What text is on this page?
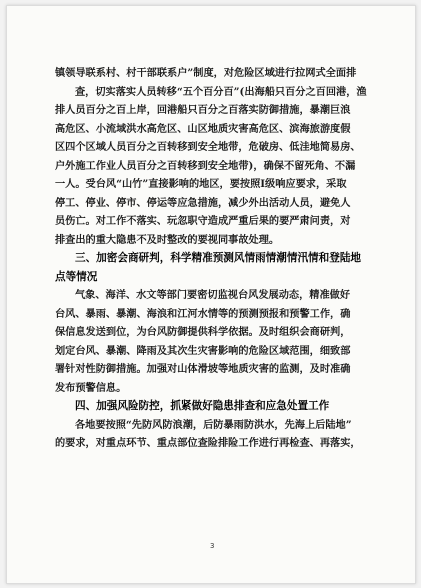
镇领导联系村、村干部联系户”制度，对危险区域进行拉网式全面排
查，切实落实人员转移“五个百分百”(出海船只百分之百回港，渔
排人员百分之百上岸，回港船只百分之百落实防御措施，暴潮巨浪
高危区、小流域洪水高危区、山区地质灾害高危区、滨海旅游度假
区四个区域人员百分之百转移到安全地带，危破房、低洼地简易房、
户外施工作业人员百分之百转移到安全地带)，确保不留死角、不漏
一人。受台风“山竹”直接影响的地区，要按照Ⅰ级响应要求，采取
停工、停业、停市、停运等应急措施，减少外出活动人员，避免人
员伤亡。对工作不落实、玩忽职守造成严重后果的要严肃问责，对
排查出的重大隐患不及时整改的要视同事故处理。
三、加密会商研判，科学精准预测风情雨情潮情汛情和登陆地
点等情况
气象、海洋、水文等部门要密切监视台风发展动态，精准做好
台风、暴雨、暴潮、海浪和江河水情等的预测预报和预警工作，确
保信息发送到位，为台风防御提供科学依据。及时组织会商研判，
划定台风、暴潮、降雨及其次生灾害影响的危险区域范围，细致部
署针对性防御措施。加强对山体滑坡等地质灾害的监测，及时准确
发布预警信息。
四、加强风险防控，抓紧做好隐患排查和应急处置工作
各地要按照“先防风防浪潮，后防暴雨防洪水，先海上后陆地”
的要求，对重点环节、重点部位查险排险工作进行再检查、再落实，
3
